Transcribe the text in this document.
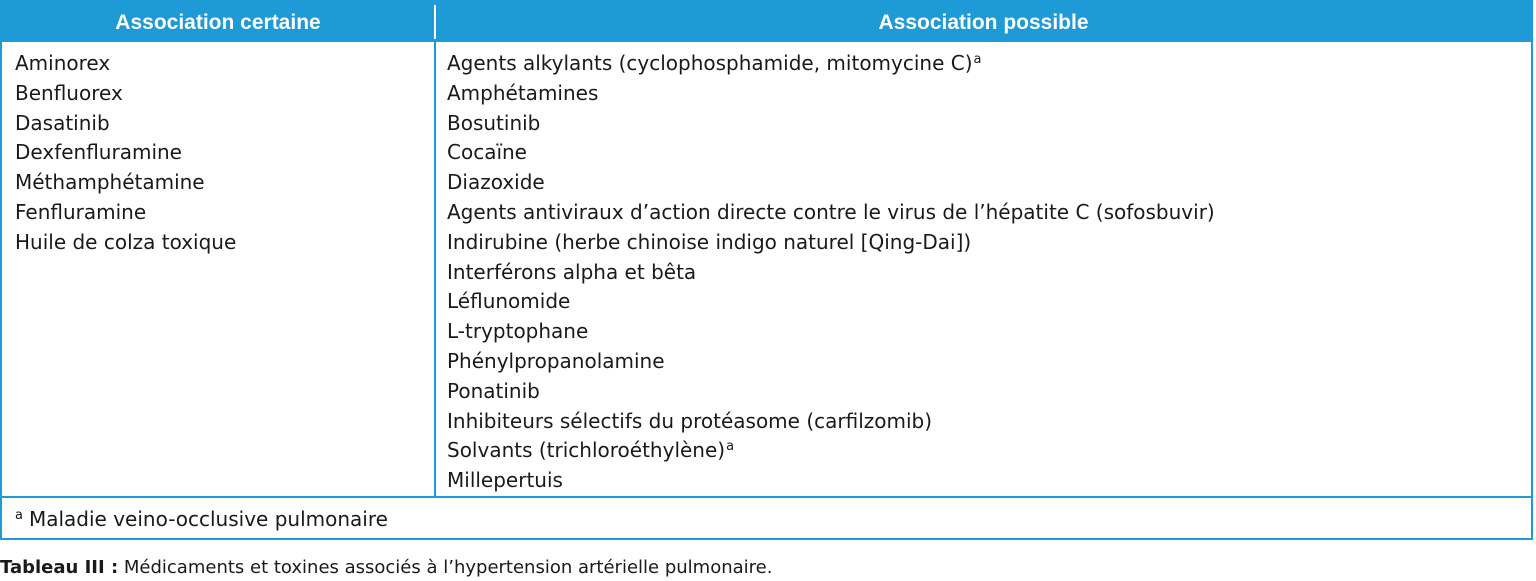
Association certaine	Association possible
Aminorex
Benfluorex
Dasatinib
Dexfenfluramine
Méthamphétamine
Fenfluramine
Huile de colza toxique
Agents alkylants (cyclophosphamide, mitomycine C)$^a$
Amphétamines
Bosutinib
Cocaïne
Diazoxide
Agents antiviraux d’action directe contre le virus de l’hépatite C (sofosbuvir)
Indirubine (herbe chinoise indigo naturel [Qing-Dai])
Interférons alpha et bêta
Léflunomide
L-tryptophane
Phénylpropanolamine
Ponatinib
Inhibiteurs sélectifs du protéasome (carfilzomib)
Solvants (trichloroéthylène)$^a$
Millepertuis
$^a$ Maladie veino-occlusive pulmonaire
Tableau III : Médicaments et toxines associés à l’hypertension artérielle pulmonaire.
